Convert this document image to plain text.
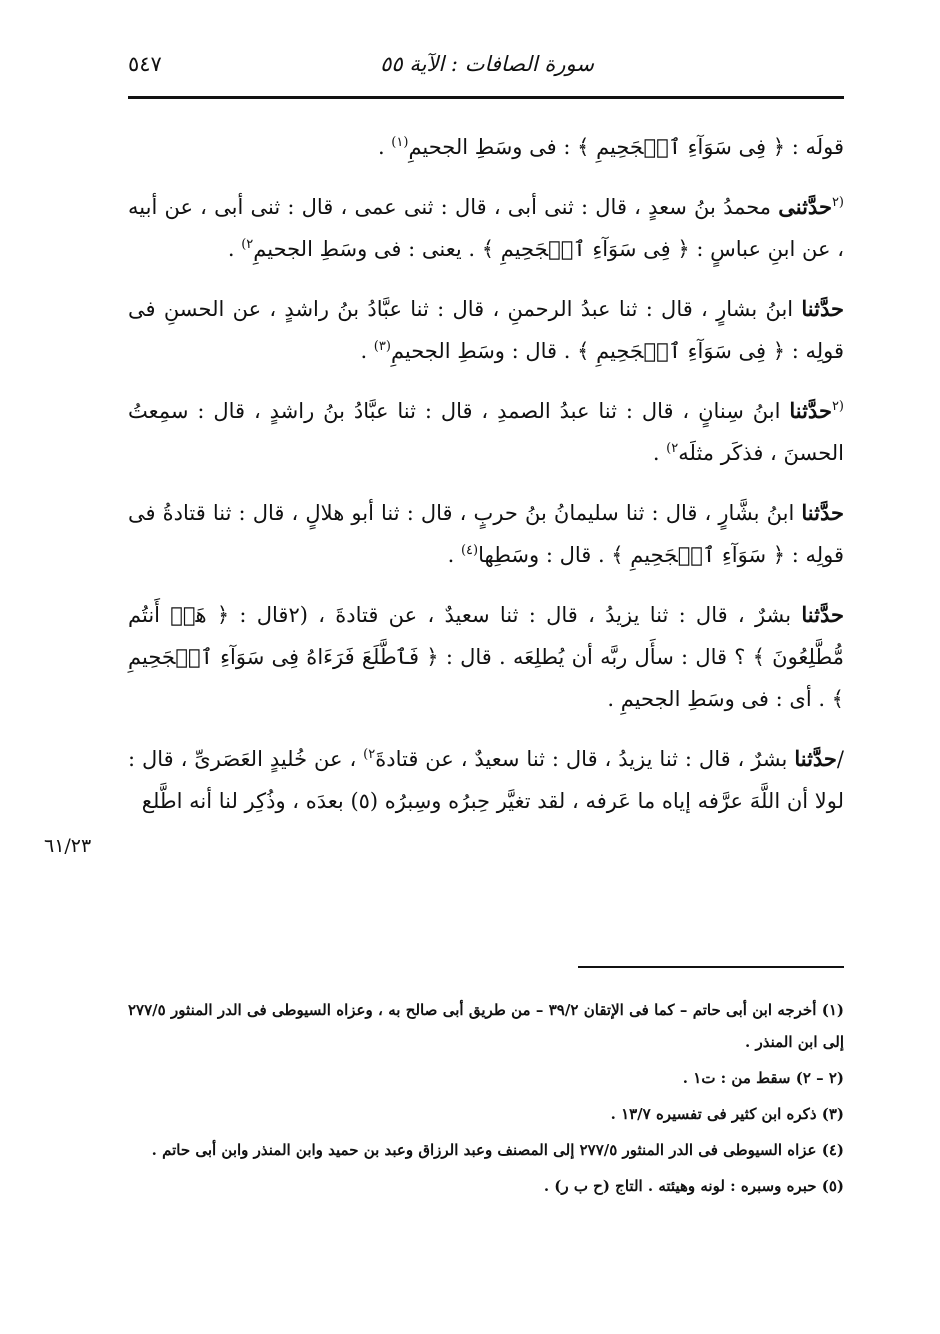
سورة الصافات : الآية ٥٥
٥٤٧
٦١/٢٣

قولَه : ﴿ فِى سَوَآءِ ٱلۡجَحِيمِ ﴾ : فى وسَطِ الجحيمِ$^{(١)}$ .

$^{(٢}$حدَّثنى محمدُ بنُ سعدٍ ، قال : ثنى أبى ، قال : ثنى عمى ، قال : ثنى أبى ، عن أبيه ، عن ابنِ عباسٍ : ﴿ فِى سَوَآءِ ٱلۡجَحِيمِ ﴾ . يعنى : فى وسَطِ الجحيمِ$^{٢)}$ .

حدَّثنا ابنُ بشارٍ ، قال : ثنا عبدُ الرحمنِ ، قال : ثنا عبَّادُ بنُ راشدٍ ، عن الحسنِ فى قولِه : ﴿ فِى سَوَآءِ ٱلۡجَحِيمِ ﴾ . قال : وسَطِ الجحيمِ$^{(٣)}$ .

$^{(٢}$حدَّثنا ابنُ سِنانٍ ، قال : ثنا عبدُ الصمدِ ، قال : ثنا عبَّادُ بنُ راشدٍ ، قال : سمِعتُ الحسنَ ، فذكَر مثلَه$^{٢)}$ .

حدَّثنا ابنُ بشَّارٍ ، قال : ثنا سليمانُ بنُ حربٍ ، قال : ثنا أبو هلالٍ ، قال : ثنا قتادةُ فى قولِه : ﴿ سَوَآءِ ٱلۡجَحِيمِ ﴾ . قال : وسَطِها$^{(٤)}$ .

حدَّثنا بشرٌ ، قال : ثنا يزيدُ ، قال : ثنا سعيدٌ ، عن قتادةَ ، (٢قال : ﴿ هَلۡ أَنتُم مُّطَّلِعُونَ ﴾ ؟ قال : سأَل ربَّه أن يُطلِعَه . قال : ﴿ فَٱطَّلَعَ فَرَءَاهُ فِى سَوَآءِ ٱلۡجَحِيمِ ﴾ . أى : فى وسَطِ الجحيمِ .

/حدَّثنا بشرٌ ، قال : ثنا يزيدُ ، قال : ثنا سعيدٌ ، عن قتادةَ$^{٢)}$ ، عن خُليدٍ العَصَرىِّ ، قال : لولا أن اللَّهَ عرَّفه إياه ما عَرفه ، لقد تغيَّر حِبرُه وسِبرُه (٥) بعدَه ، وذُكِر لنا أنه اطَّلع

(١) أخرجه ابن أبى حاتم – كما فى الإتقان ٣٩/٢ – من طريق أبى صالح به ، وعزاه السيوطى فى الدر المنثور ٢٧٧/٥ إلى ابن المنذر .

(٢ – ٢) سقط من : ت١ .

(٣) ذكره ابن كثير فى تفسيره ١٣/٧ .

(٤) عزاه السيوطى فى الدر المنثور ٢٧٧/٥ إلى المصنف وعبد الرزاق وعبد بن حميد وابن المنذر وابن أبى حاتم .

(٥) حبره وسبره : لونه وهيئته . التاج (ح ب ر) .
